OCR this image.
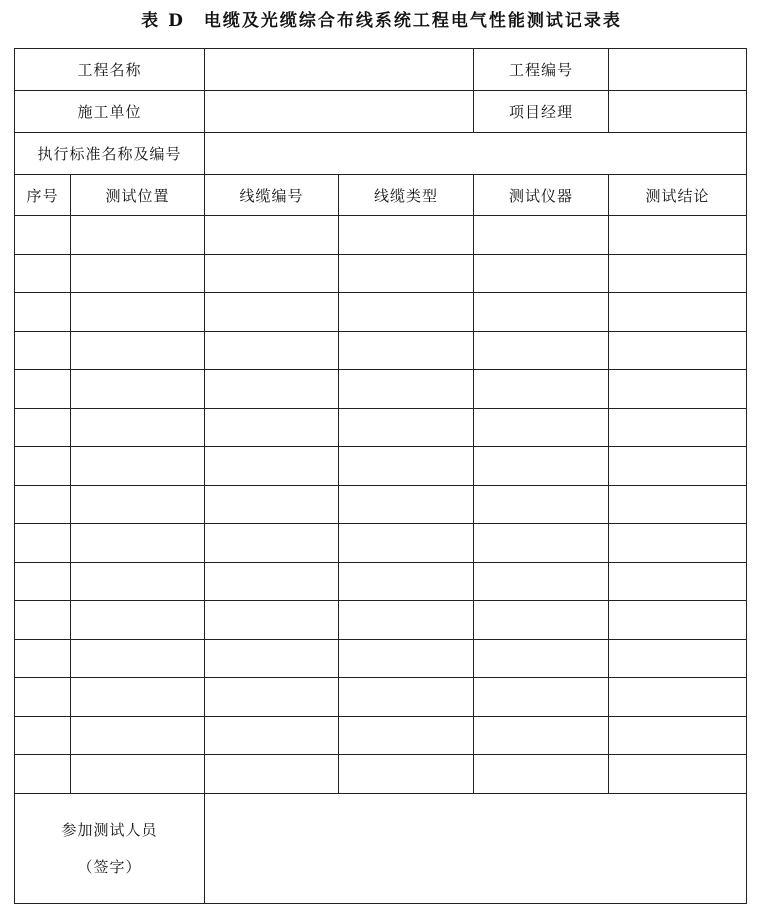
表 D　电缆及光缆综合布线系统工程电气性能测试记录表
工程名称				工程编号	
施工单位				项目经理	
执行标准名称及编号					
序号	测试位置	线缆编号	线缆类型	测试仪器	测试结论

参加测试人员
（签字）					
